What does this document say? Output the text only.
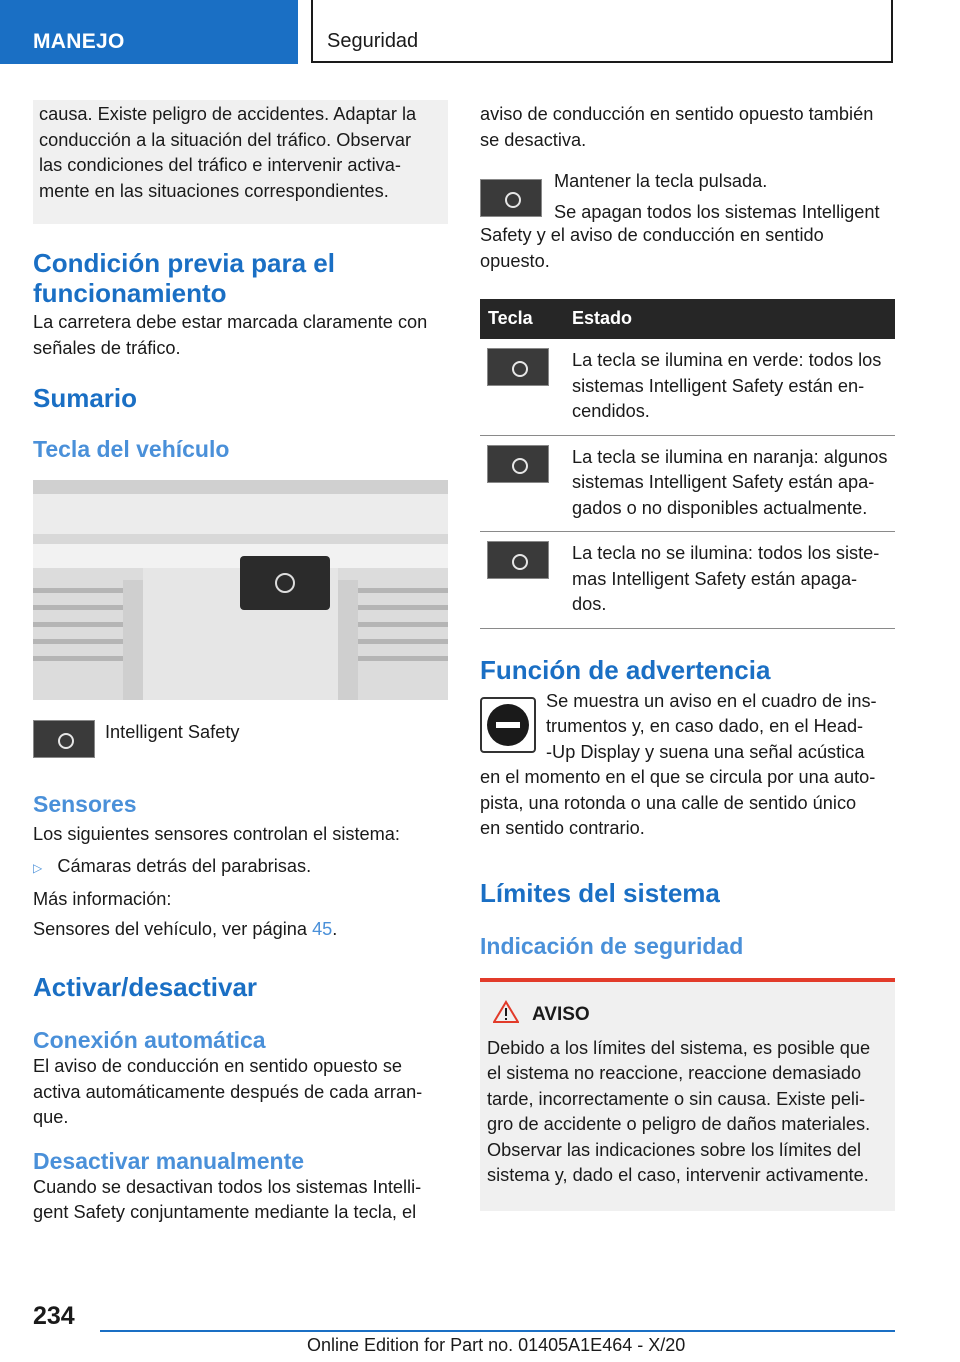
MANEJO	Seguridad

causa. Existe peligro de accidentes. Adaptar la

conducción a la situación del tráfico. Observar

las condiciones del tráfico e intervenir activa-

mente en las situaciones correspondientes.

Condición previa para el
funcionamiento

La carretera debe estar marcada claramente con

señales de tráfico.

Sumario
Tecla del vehículo
Intelligent Safety
Sensores

Los siguientes sensores controlan el sistema:

▷ Cámaras detrás del parabrisas.

Más información:

Sensores del vehículo, ver página 45.

Activar/desactivar
Conexión automática

El aviso de conducción en sentido opuesto se

activa automáticamente después de cada arran-

que.

Desactivar manualmente

Cuando se desactivan todos los sistemas Intelli-

gent Safety conjuntamente mediante la tecla, el

aviso de conducción en sentido opuesto también

se desactiva.

Mantener la tecla pulsada.
Se apagan todos los sistemas Intelligent

Safety y el aviso de conducción en sentido

opuesto.

Tecla	Estado

	La tecla se ilumina en verde: todos los
sistemas Intelligent Safety están en-
cendidos.

	La tecla se ilumina en naranja: algunos
sistemas Intelligent Safety están apa-
gados o no disponibles actualmente.

	La tecla no se ilumina: todos los siste-
mas Intelligent Safety están apaga-
dos.
Función de advertencia

Se muestra un aviso en el cuadro de ins-

trumentos y, en caso dado, en el Head-

-Up Display y suena una señal acústica

en el momento en el que se circula por una auto-

pista, una rotonda o una calle de sentido único

en sentido contrario.

Límites del sistema
Indicación de seguridad
AVISO

Debido a los límites del sistema, es posible que

el sistema no reaccione, reaccione demasiado

tarde, incorrectamente o sin causa. Existe peli-

gro de accidente o peligro de daños materiales.

Observar las indicaciones sobre los límites del

sistema y, dado el caso, intervenir activamente.

234
Online Edition for Part no. 01405A1E464 - X/20
